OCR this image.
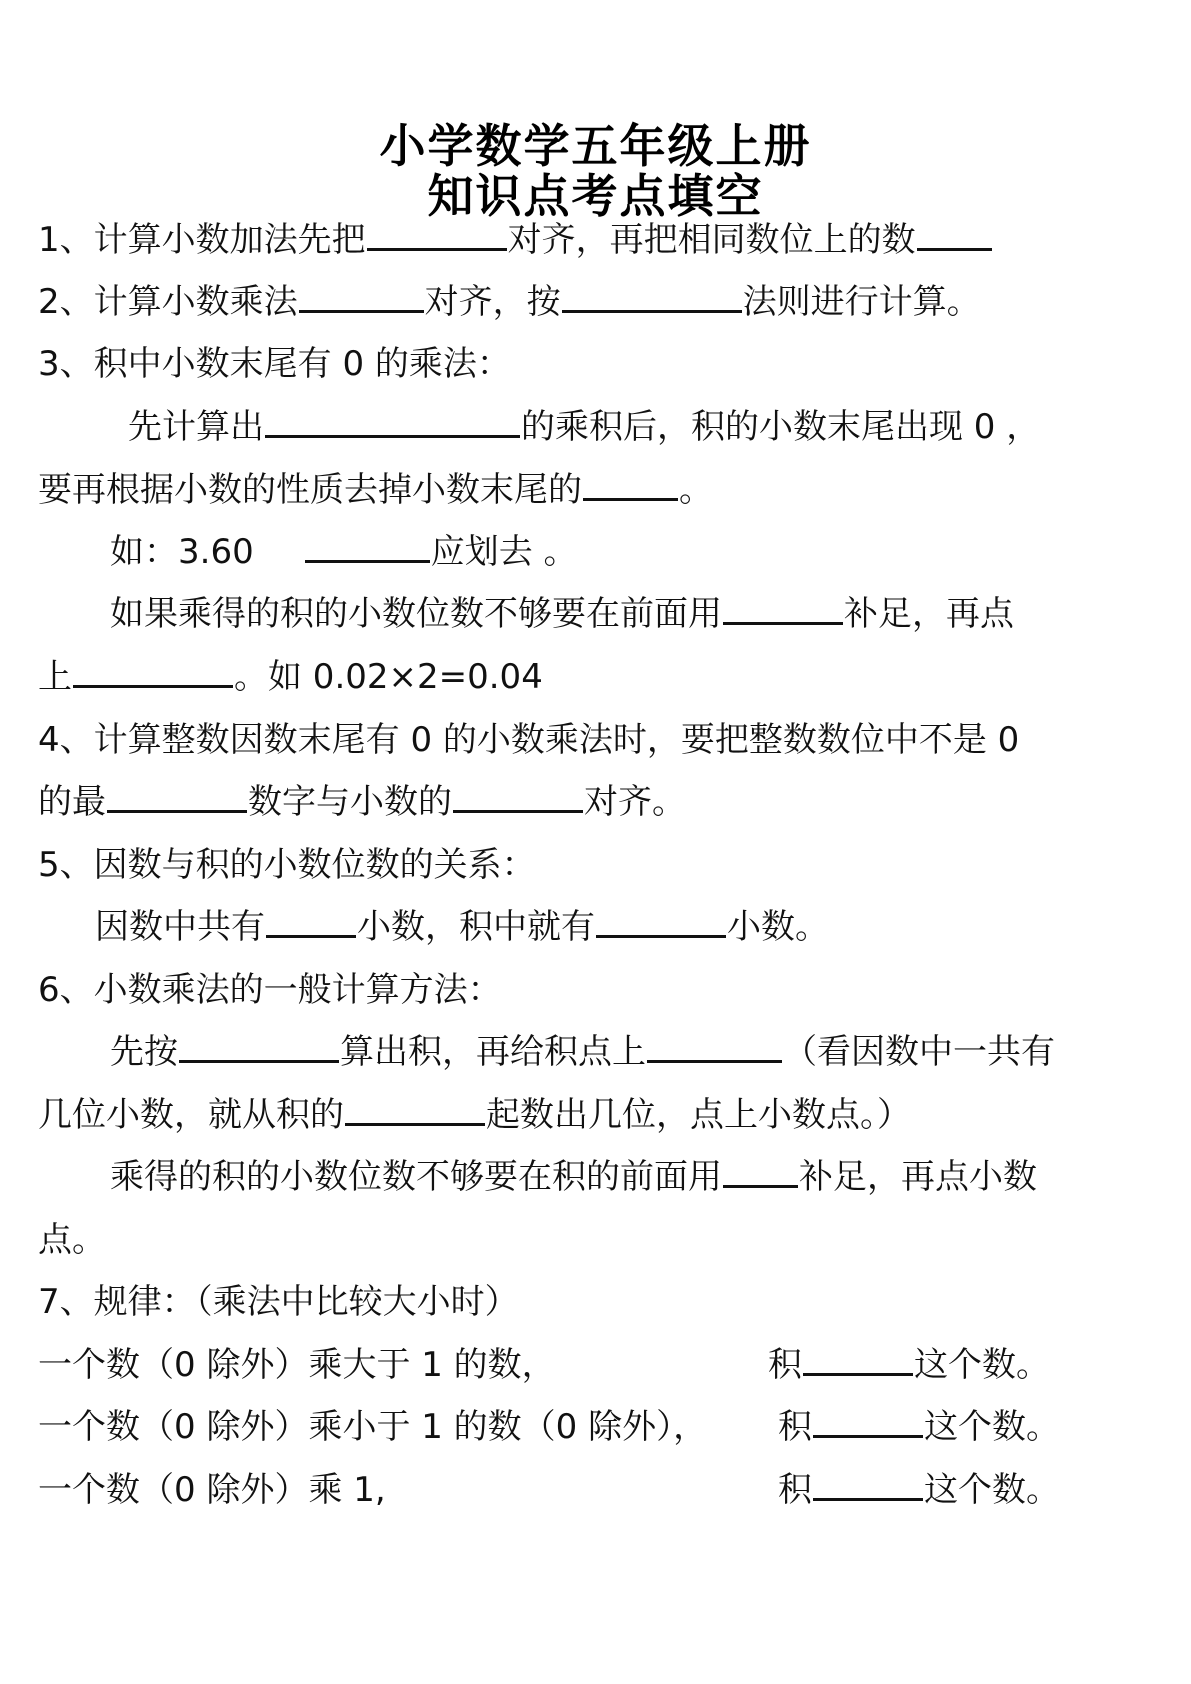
小学数学五年级上册
知识点考点填空
1、计算小数加法先把	对齐，再把相同数位上的数
2、计算小数乘法	对齐，按	法则进行计算。
3、积中小数末尾有 0 的乘法：
先计算出	的乘积后，积的小数末尾出现 0 ，
要再根据小数的性质去掉小数末尾的	。
如：3.60	应划去 。
如果乘得的积的小数位数不够要在前面用	补足，再点
上	。如 0.02×2=0.04
4、计算整数因数末尾有 0 的小数乘法时，要把整数数位中不是 0
的最	数字与小数的	对齐。
5、因数与积的小数位数的关系：
因数中共有	小数，积中就有	小数。
6、小数乘法的一般计算方法：
先按	算出积，再给积点上	（看因数中一共有
几位小数，就从积的	起数出几位，点上小数点。）
乘得的积的小数位数不够要在积的前面用 补足，再点小数
点。
7、规律：（乘法中比较大小时）
一个数（0 除外）乘大于 1 的数，	积	这个数。
一个数（0 除外）乘小于 1 的数（0 除外）， 积	这个数。
一个数（0 除外）乘 1,	积	这个数。
